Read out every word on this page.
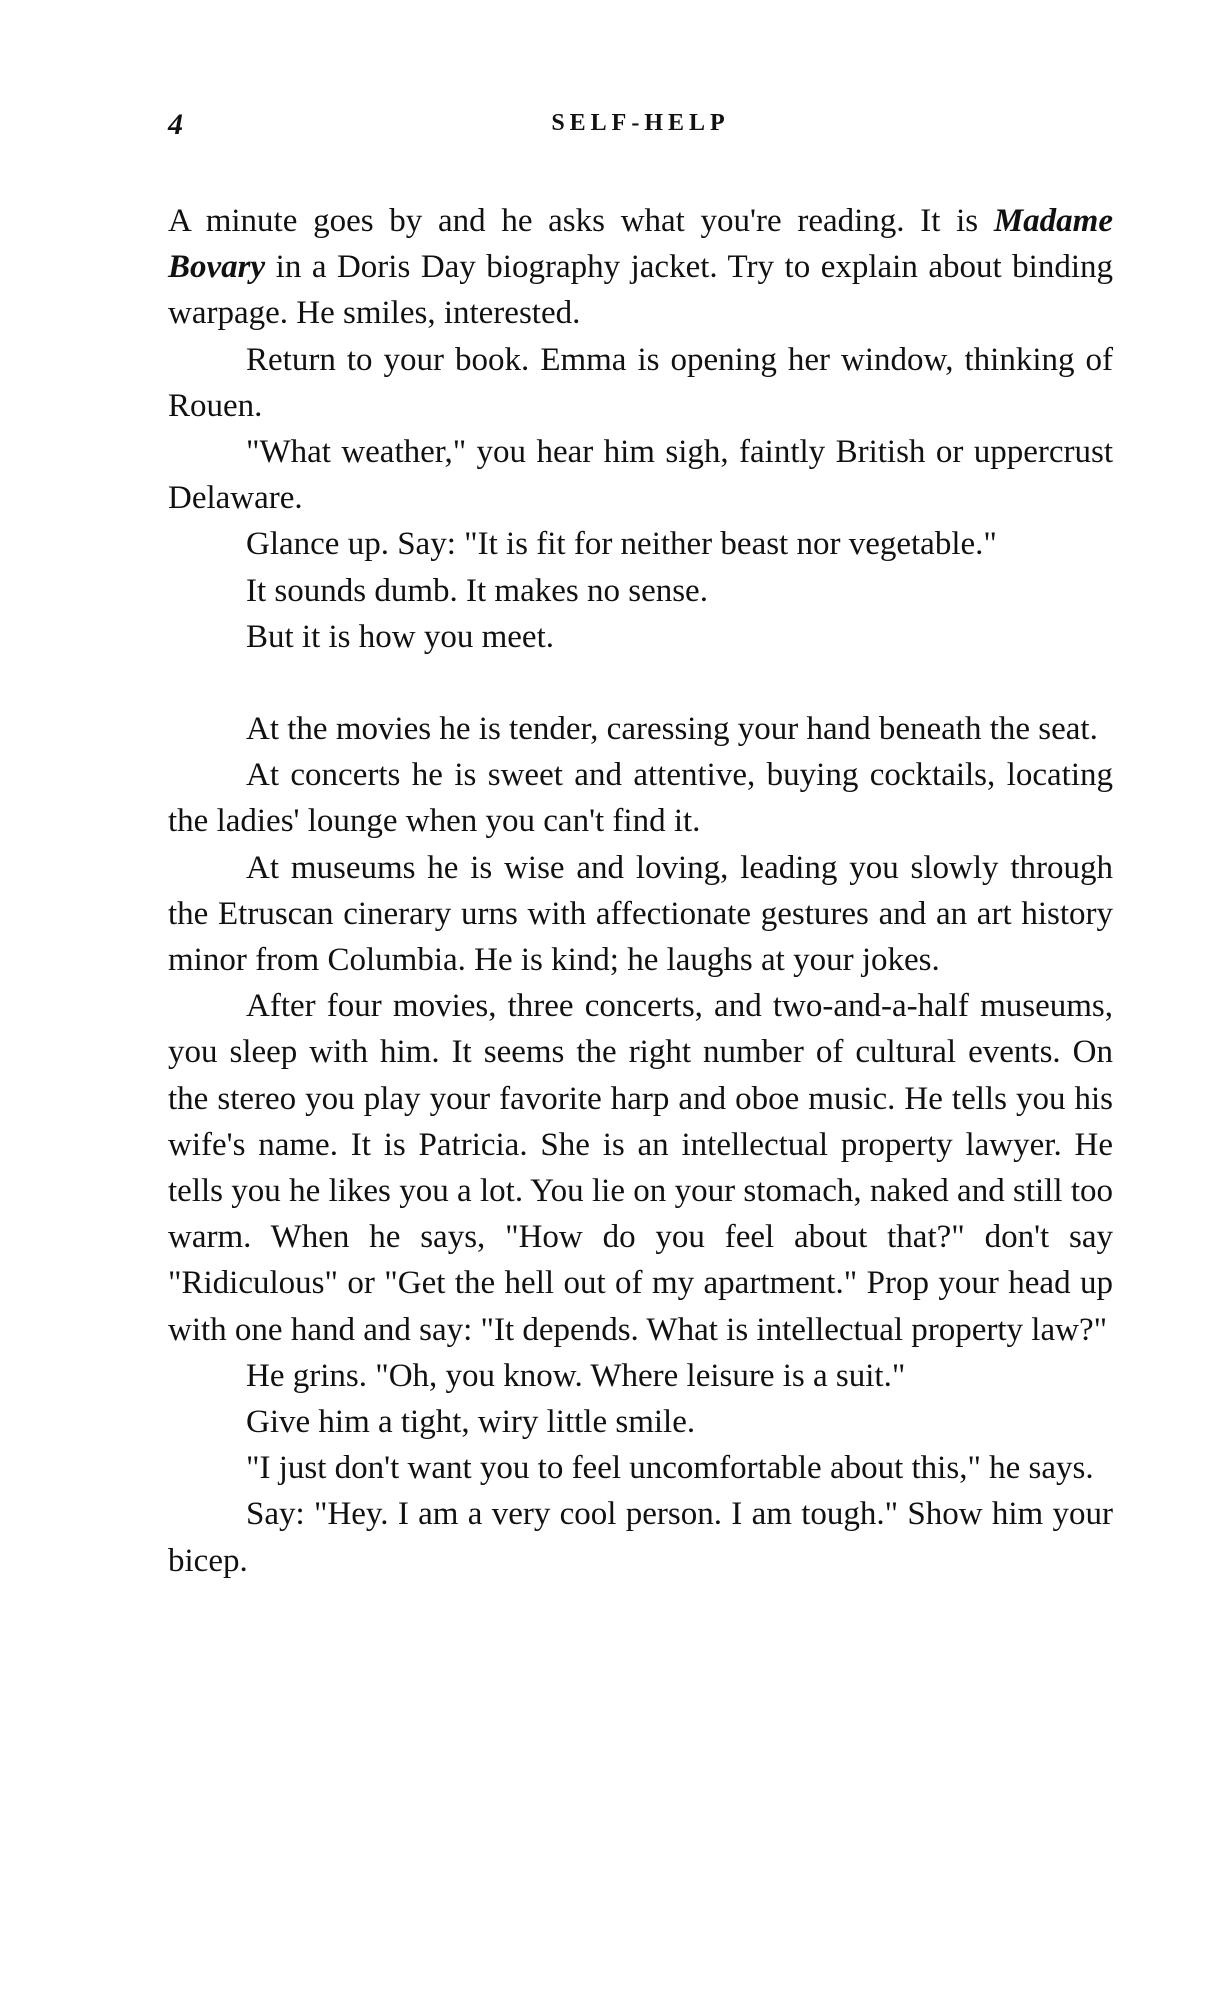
4	SELF-HELP

A minute goes by and he asks what you're reading. It is Madame Bovary in a Doris Day biography jacket. Try to explain about binding warpage. He smiles, interested.

Return to your book. Emma is opening her window, thinking of Rouen.

"What weather," you hear him sigh, faintly British or uppercrust Delaware.

Glance up. Say: "It is fit for neither beast nor vegetable."

It sounds dumb. It makes no sense.

But it is how you meet.

At the movies he is tender, caressing your hand beneath the seat.

At concerts he is sweet and attentive, buying cocktails, locating the ladies' lounge when you can't find it.

At museums he is wise and loving, leading you slowly through the Etruscan cinerary urns with affectionate gestures and an art history minor from Columbia. He is kind; he laughs at your jokes.

After four movies, three concerts, and two-and-a-half museums, you sleep with him. It seems the right number of cultural events. On the stereo you play your favorite harp and oboe music. He tells you his wife's name. It is Patricia. She is an intellectual property lawyer. He tells you he likes you a lot. You lie on your stomach, naked and still too warm. When he says, "How do you feel about that?" don't say "Ridiculous" or "Get the hell out of my apartment." Prop your head up with one hand and say: "It depends. What is intellectual property law?"

He grins. "Oh, you know. Where leisure is a suit."

Give him a tight, wiry little smile.

"I just don't want you to feel uncomfortable about this," he says.

Say: "Hey. I am a very cool person. I am tough." Show him your bicep.
